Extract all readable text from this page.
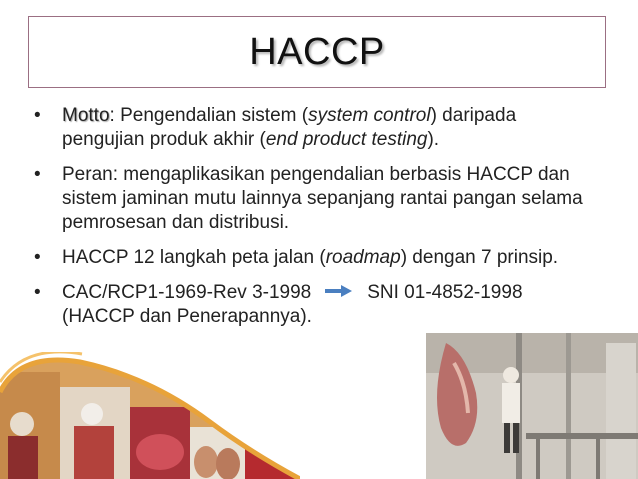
HACCP
• Motto: Pengendalian sistem (system control) daripada pengujian produk akhir (end product testing).
• Peran: mengaplikasikan pengendalian berbasis HACCP dan sistem jaminan mutu lainnya sepanjang rantai pangan selama pemrosesan dan distribusi.
• HACCP 12 langkah peta jalan (roadmap) dengan 7 prinsip.
• CAC/RCP1-1969-Rev 3-1998	SNI 01-4852-1998
(HACCP dan Penerapannya).
